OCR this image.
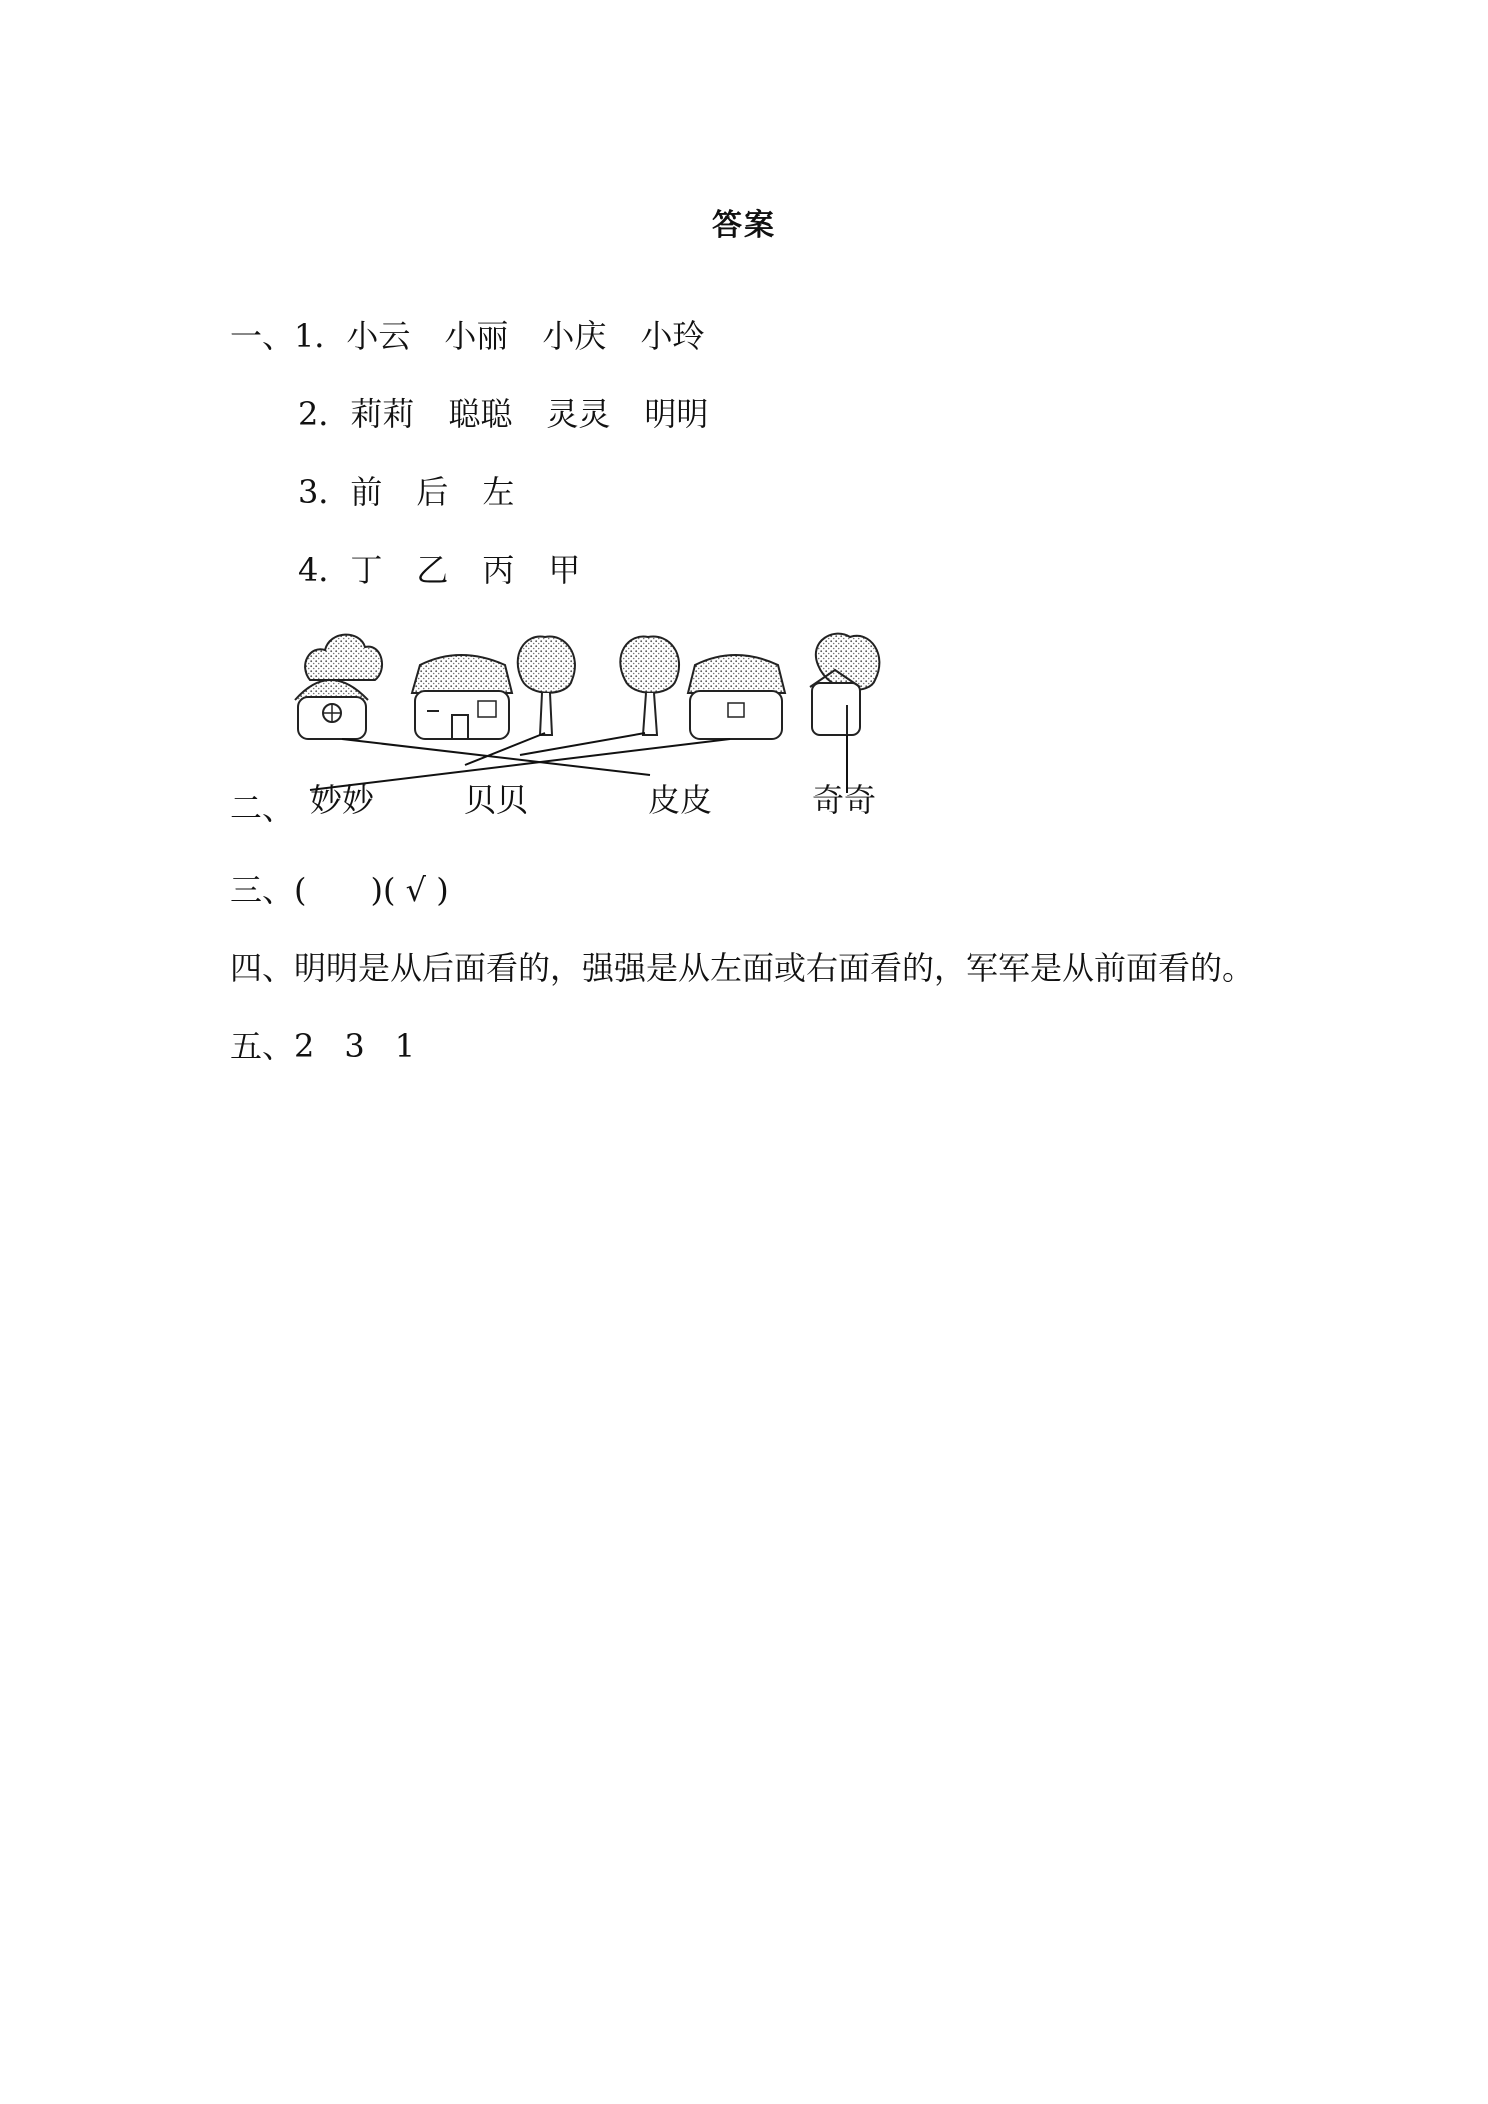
答案
一、1．小云 小丽 小庆 小玲
2．莉莉 聪聪 灵灵 明明
3．前 后 左
4．丁 乙 丙 甲
二、 妙妙	贝贝	皮皮	奇奇
三、(　　)( √ )
四、明明是从后面看的，强强是从左面或右面看的，军军是从前面看的。
五、2 3 1
